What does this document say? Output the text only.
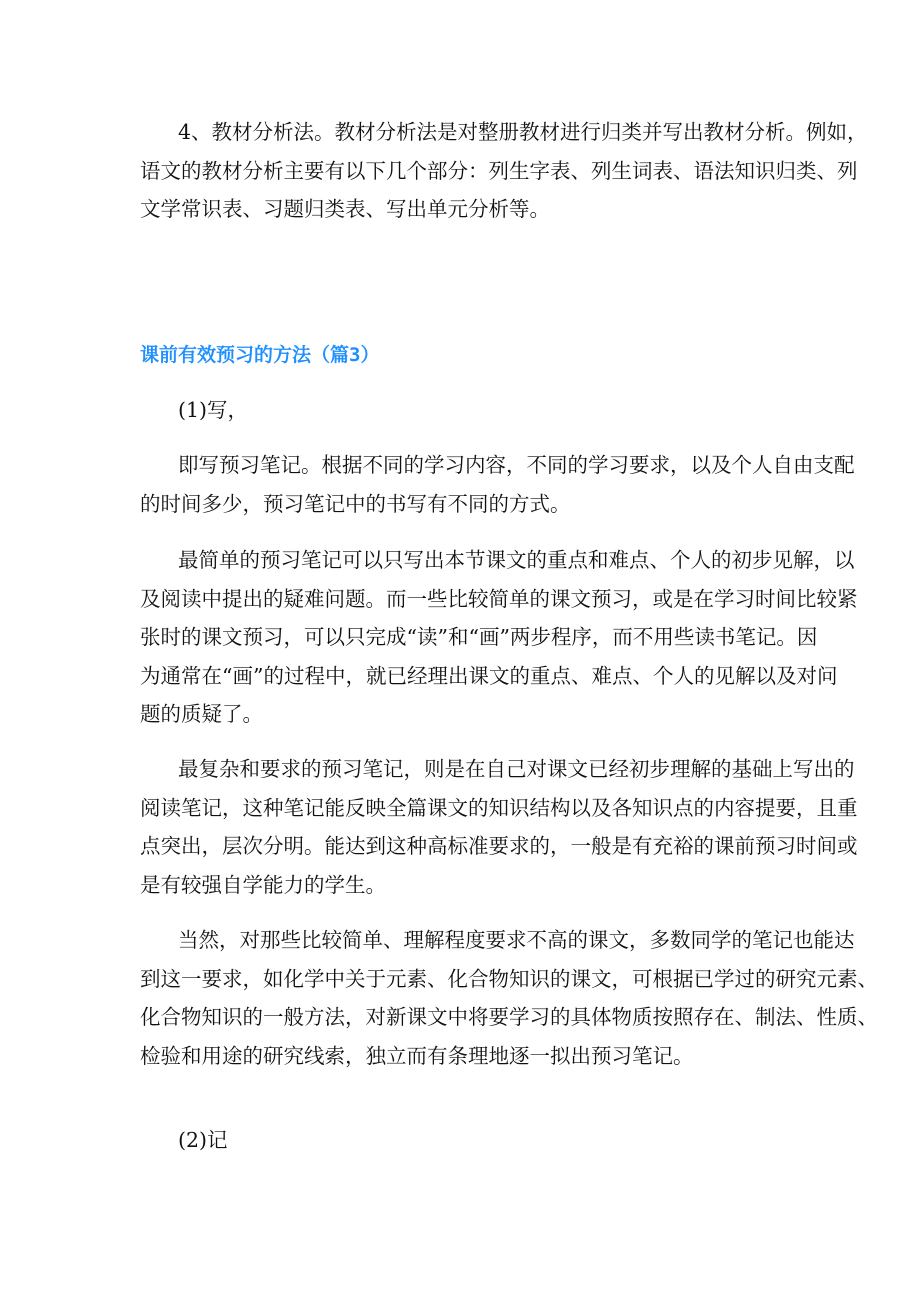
4、教材分析法。教材分析法是对整册教材进行归类并写出教材分析。例如，
语文的教材分析主要有以下几个部分：列生字表、列生词表、语法知识归类、列
文学常识表、习题归类表、写出单元分析等。
课前有效预习的方法（篇3）
(1)写，
即写预习笔记。根据不同的学习内容，不同的学习要求，以及个人自由支配
的时间多少，预习笔记中的书写有不同的方式。
最简单的预习笔记可以只写出本节课文的重点和难点、个人的初步见解，以
及阅读中提出的疑难问题。而一些比较简单的课文预习，或是在学习时间比较紧
张时的课文预习，可以只完成“读”和“画”两步程序，而不用些读书笔记。因
为通常在“画”的过程中，就已经理出课文的重点、难点、个人的见解以及对问
题的质疑了。
最复杂和要求的预习笔记，则是在自己对课文已经初步理解的基础上写出的
阅读笔记，这种笔记能反映全篇课文的知识结构以及各知识点的内容提要，且重
点突出，层次分明。能达到这种高标准要求的，一般是有充裕的课前预习时间或
是有较强自学能力的学生。
当然，对那些比较简单、理解程度要求不高的课文，多数同学的笔记也能达
到这一要求，如化学中关于元素、化合物知识的课文，可根据已学过的研究元素、
化合物知识的一般方法，对新课文中将要学习的具体物质按照存在、制法、性质、
检验和用途的研究线索，独立而有条理地逐一拟出预习笔记。
(2)记
